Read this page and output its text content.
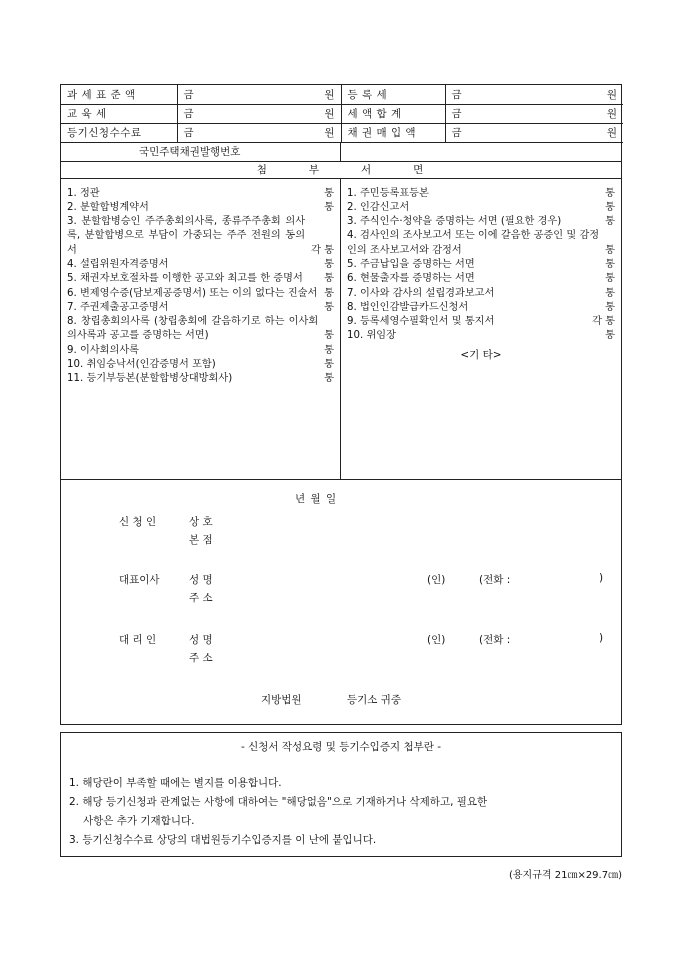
과 세 표 준 액	금 원	등 록 세	금 원

교 육 세	금 원	세 액 합 계	금 원

등기신청수수료	금 원	채 권 매 입 액	금 원
국민주택채권발행번호
첨부서면
1. 정관	통
2. 분할합병계약서	통
3. 분할합병승인 주주총회의사록, 종류주주총회 의사록, 분할합병으로 부담이 가중되는 주주 전원의 동의서	각 통
4. 설립위원자격증명서	통
5. 채권자보호절차를 이행한 공고와 최고를 한 증명서	통
6. 변제영수증(담보제공증명서) 또는 이의 없다는 진술서 통
7. 주권제출공고증명서	통
8. 창립총회의사록 (창립총회에 갈음하기로 하는 이사회의사록과 공고를 증명하는 서면)	통
9. 이사회의사록	통
10. 취임승낙서(인감증명서 포함)	통
11. 등기부등본(분할합병상대방회사)	통
1. 주민등록표등본	통
2. 인감신고서	통
3. 주식인수·청약을 증명하는 서면 (필요한 경우)	통
4. 검사인의 조사보고서 또는 이에 갈음한 공증인 및 감정인의 조사보고서와 감정서	통
5. 주금납입을 증명하는 서면	통
6. 현물출자를 증명하는 서면	통
7. 이사와 감사의 설립경과보고서	통
8. 법인인감발급카드신청서	통
9. 등록세영수필확인서 및 통지서	각 통
10. 위임장	통
<기 타>
년 월 일
신 청 인	상 호
본 점
대표이사	성 명	(인)	(전화 :	)
주 소
대 리 인	성 명	(인)	(전화 :	)
주 소
지방법원	등기소 귀중
- 신청서 작성요령 및 등기수입증지 첩부란 -
1. 해당란이 부족할 때에는 별지를 이용합니다.
2. 해당 등기신청과 관계없는 사항에 대하여는 "해당없음"으로 기재하거나 삭제하고, 필요한
사항은 추가 기재합니다.
3. 등기신청수수료 상당의 대법원등기수입증지를 이 난에 붙입니다.
(용지규격 21㎝×29.7㎝)
